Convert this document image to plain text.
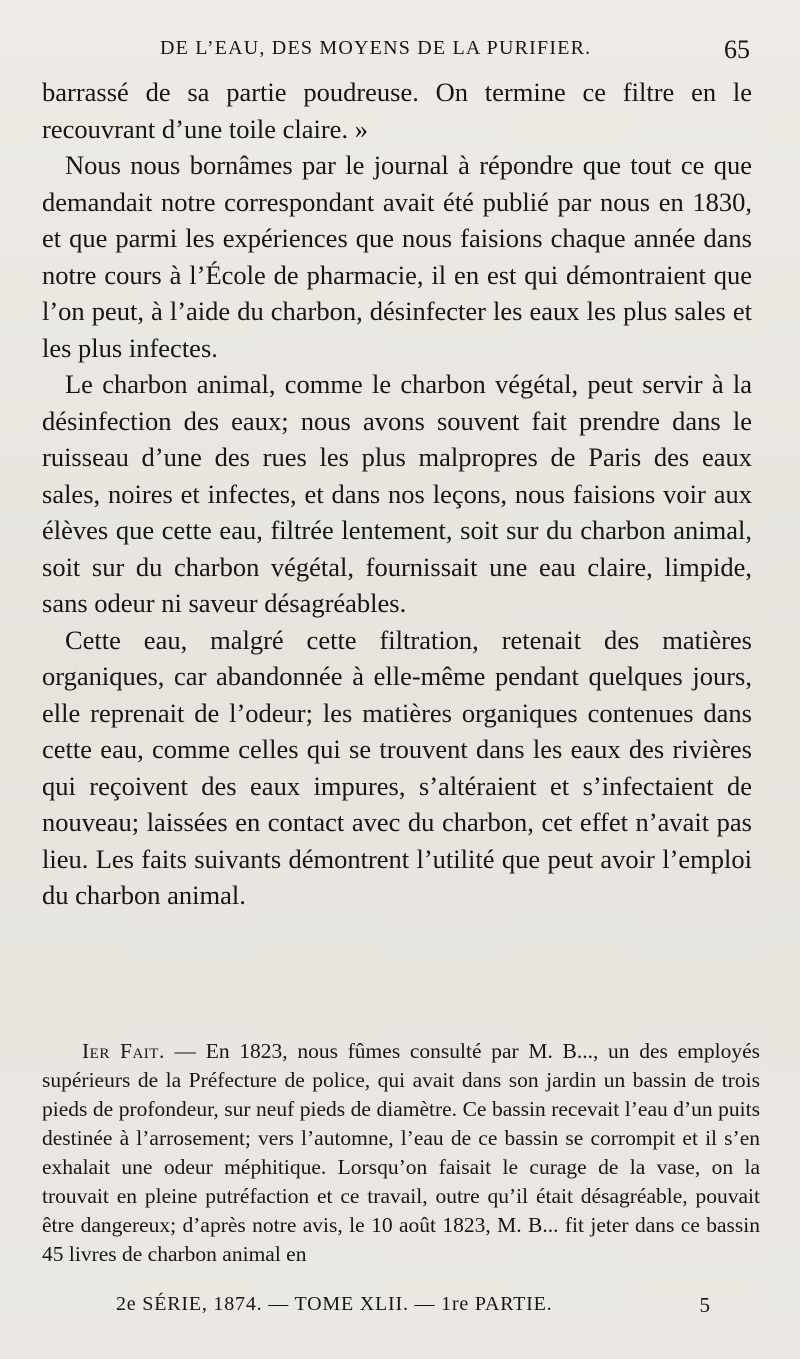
DE L’EAU, DES MOYENS DE LA PURIFIER.	65

barrassé de sa partie poudreuse. On termine ce filtre en le recouvrant d’une toile claire. »

Nous nous bornâmes par le journal à répondre que tout ce que demandait notre correspondant avait été publié par nous en 1830, et que parmi les expériences que nous faisions chaque année dans notre cours à l’École de pharmacie, il en est qui démontraient que l’on peut, à l’aide du charbon, désinfecter les eaux les plus sales et les plus infectes.

Le charbon animal, comme le charbon végétal, peut servir à la désinfection des eaux; nous avons souvent fait prendre dans le ruisseau d’une des rues les plus malpropres de Paris des eaux sales, noires et infectes, et dans nos leçons, nous faisions voir aux élèves que cette eau, filtrée lentement, soit sur du charbon animal, soit sur du charbon végétal, fournissait une eau claire, limpide, sans odeur ni saveur désagréables.

Cette eau, malgré cette filtration, retenait des matières organiques, car abandonnée à elle-même pendant quelques jours, elle reprenait de l’odeur; les matières organiques contenues dans cette eau, comme celles qui se trouvent dans les eaux des rivières qui reçoivent des eaux impures, s’altéraient et s’infectaient de nouveau; laissées en contact avec du charbon, cet effet n’avait pas lieu. Les faits suivants démontrent l’utilité que peut avoir l’emploi du charbon animal.

Ier Fait. — En 1823, nous fûmes consulté par M. B..., un des employés supérieurs de la Préfecture de police, qui avait dans son jardin un bassin de trois pieds de profondeur, sur neuf pieds de diamètre. Ce bassin recevait l’eau d’un puits destinée à l’arrosement; vers l’automne, l’eau de ce bassin se corrompit et il s’en exhalait une odeur méphitique. Lorsqu’on faisait le curage de la vase, on la trouvait en pleine putréfaction et ce travail, outre qu’il était désagréable, pouvait être dangereux; d’après notre avis, le 10 août 1823, M. B... fit jeter dans ce bassin 45 livres de charbon animal en

2e SÉRIE, 1874. — TOME XLII. — 1re PARTIE.	5
